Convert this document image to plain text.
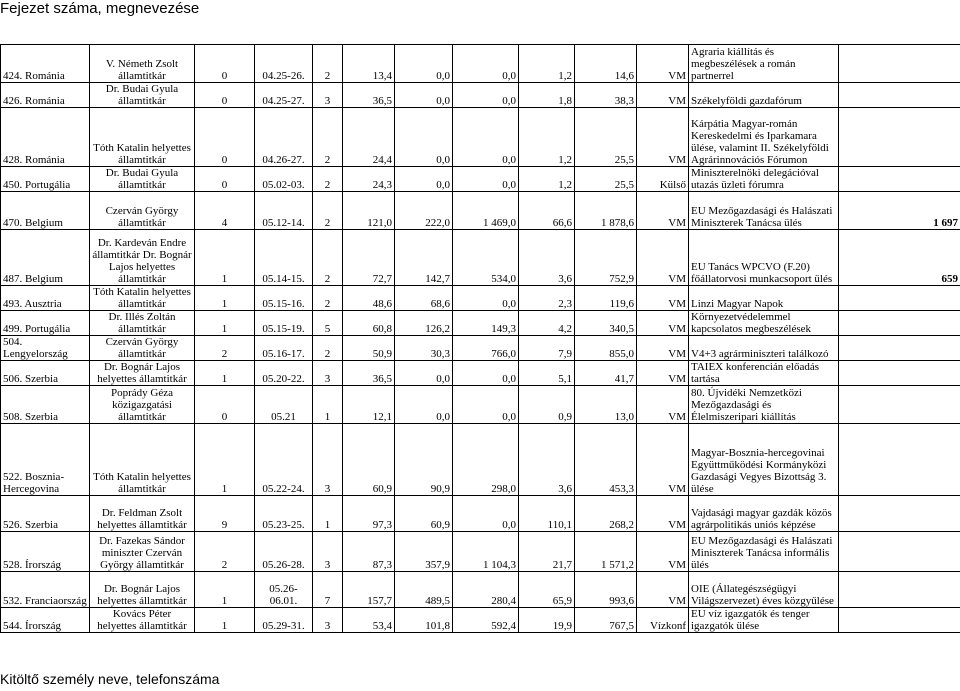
Fejezet száma, megnevezése
424. Románia	V. Németh Zsolt államtitkár	0	04.25-26.	2	13,4	0,0	0,0	1,2	14,6	VM	Agraria kiállítás és megbeszélések a román partnerrel	
426. Románia	Dr. Budai Gyula államtitkár	0	04.25-27.	3	36,5	0,0	0,0	1,8	38,3	VM	Székelyföldi gazdafórum	
428. Románia	Tóth Katalin helyettes államtitkár	0	04.26-27.	2	24,4	0,0	0,0	1,2	25,5	VM	Kárpátia Magyar-román Kereskedelmi és Iparkamara ülése, valamint II. Székelyföldi Agrárinnovációs Fórumon	
450. Portugália	Dr. Budai Gyula államtitkár	0	05.02-03.	2	24,3	0,0	0,0	1,2	25,5	Külső	Miniszterelnöki delegációval utazás üzleti fórumra	
470. Belgium	Czerván György államtitkár	4	05.12-14.	2	121,0	222,0	1 469,0	66,6	1 878,6	VM	EU Mezőgazdasági és Halászati Miniszterek Tanácsa ülés	1 697
487. Belgium	Dr. Kardeván Endre államtitkár Dr. Bognár Lajos helyettes államtitkár	1	05.14-15.	2	72,7	142,7	534,0	3,6	752,9	VM	EU Tanács WPCVO (F.20) főállatorvosi munkacsoport ülés	659
493. Ausztria	Tóth Katalin helyettes államtitkár	1	05.15-16.	2	48,6	68,6	0,0	2,3	119,6	VM	Linzi Magyar Napok	
499. Portugália	Dr. Illés Zoltán államtitkár	1	05.15-19.	5	60,8	126,2	149,3	4,2	340,5	VM	Környezetvédelemmel kapcsolatos megbeszélések	
504. Lengyelország	Czerván György államtitkár	2	05.16-17.	2	50,9	30,3	766,0	7,9	855,0	VM	V4+3 agrárminiszteri találkozó	
506. Szerbia	Dr. Bognár Lajos helyettes államtitkár	1	05.20-22.	3	36,5	0,0	0,0	5,1	41,7	VM	TAIEX konferencián előadás tartása	
508. Szerbia	Poprády Géza közigazgatási államtitkár	0	05.21	1	12,1	0,0	0,0	0,9	13,0	VM	80. Újvidéki Nemzetközi Mezőgazdasági és Élelmiszeripari kiállítás	
522. Bosznia-Hercegovina	Tóth Katalin helyettes államtitkár	1	05.22-24.	3	60,9	90,9	298,0	3,6	453,3	VM	Magyar-Bosznia-hercegovinai Együttműködési Kormányközi Gazdasági Vegyes Bizottság 3. ülése	
526. Szerbia	Dr. Feldman Zsolt helyettes államtitkár	9	05.23-25.	1	97,3	60,9	0,0	110,1	268,2	VM	Vajdasági magyar gazdák közös agrárpolitikás uniós képzése	
528. Írország	Dr. Fazekas Sándor miniszter Czerván György államtitkár	2	05.26-28.	3	87,3	357,9	1 104,3	21,7	1 571,2	VM	EU Mezőgazdasági és Halászati Miniszterek Tanácsa informális ülés	
532. Franciaország	Dr. Bognár Lajos helyettes államtitkár	1	05.26-06.01.	7	157,7	489,5	280,4	65,9	993,6	VM	OIE (Állategészségügyi Világszervezet) éves közgyűlése	
544. Írország	Kovács Péter helyettes államtitkár	1	05.29-31.	3	53,4	101,8	592,4	19,9	767,5	Vízkonf	EU víz igazgatók és tenger igazgatók ülése	
Kitöltő személy neve, telefonszáma
